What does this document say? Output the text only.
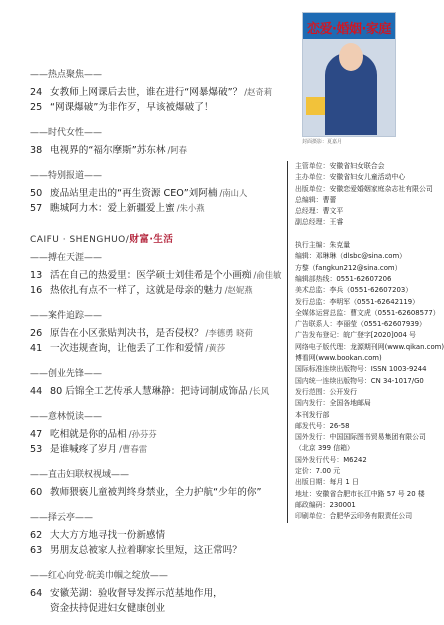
——热点聚焦——
24 女教师上网课后去世，谁在进行“网暴爆破”？ /赵奇莉
25 “网课爆破”为非作歹，早该被爆破了！
——时代女性——
38 电视界的“福尔摩斯”苏东林 /阿春
——特别报道——
50 废品站里走出的“再生资源 CEO”刘阿楠 /南山人
57 瞧城阿力木：爱上新疆爱上蜜 /朱小燕
CAIFU · SHENGHUO/财富·生活
——搏在天涯——
13 活在自己的热爱里：医学硕士刘佳希是个小画痴 /俞佳敏
16 热依扎有点不一样了，这就是母亲的魅力 /赵妮燕
——案件追踪——
26 原告在小区张贴判决书，是否侵权？ /李德勇 晓荷
41 一次违规查询，让他丢了工作和爱情 /黄莎
——创业先锋——
44 80 后锦全工艺传承人慧琳静：把诗词制成饰品 /长风
——意林悦读——
47 吃相就是你的品相 /孙芬芬
53 是谁喊疼了岁月 /曹春雷
——直击妇联权视域——
60 教师猥亵儿童被判终身禁业，全力护航“少年的你”
——择云亭——
62 大大方方地寻找一份新感情
63 男朋友总被家人拉着聊家长里短，这正常吗？
——红心向党·皖美巾帼之绽放——
64 安徽芜湖：验收督导发挥示范基地作用，
资金扶持促进妇女健康创业
恋爱·婚姻·家庭
封面摄影：夏嘉月
主管单位：安徽省妇女联合会
主办单位：安徽省妇女儿童活动中心
出版单位：安徽恋爱婚姻家庭杂志社有限公司
总编辑：曹蕾
总经理：曹文平
副总经理：王睿

执行主编：朱克量
编辑：邓琳琳（dlsbc@sina.com）
方黎（fangkun212@sina.com）
编辑部热线：0551-62607206
美术总监：李兵（0551-62607203）
发行总监：李明军（0551-62642119）
全媒体运营总监：曹文虎（0551-62608577）
广告联系人：李丽莹（0551-62607939）
广告发布登记：皖广登字[2020]004 号
网络电子版代理：龙源期刊网(www.qikan.com)
博看网(www.bookan.com)
国际标准连续出版物号：ISSN 1003-9244
国内统一连续出版物号：CN 34-1017/G0
发行范围：公开发行
国内发行：全国各地邮局
本刊发行部
邮发代号：26-58
国外发行：中国国际图书贸易集团有限公司
（北京 399 信箱）
国外发行代号：M6242
定价：7.00 元
出版日期：每月 1 日
地址：安徽省合肥市长江中路 57 号 20 楼
邮政编码：230001
印刷单位：合肥华云印务有限责任公司
